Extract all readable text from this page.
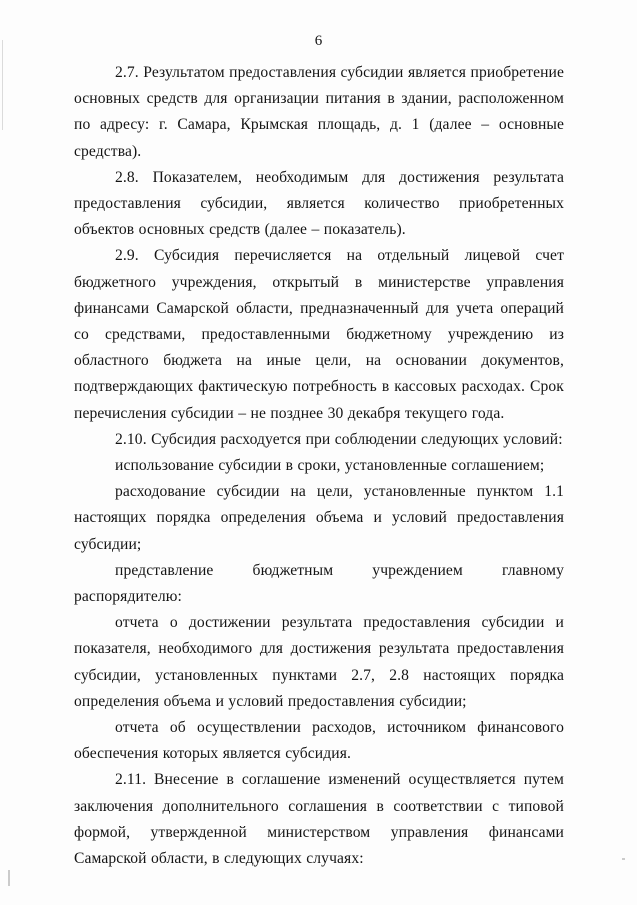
6

2.7. Результатом предоставления субсидии является приобретение основных средств для организации питания в здании, расположенном по адресу: г. Самара, Крымская площадь, д. 1 (далее – основные средства).

2.8. Показателем, необходимым для достижения результата предоставления субсидии, является количество приобретенных объектов основных средств (далее – показатель).

2.9. Субсидия перечисляется на отдельный лицевой счет бюджетного учреждения, открытый в министерстве управления финансами Самарской области, предназначенный для учета операций со средствами, предоставленными бюджетному учреждению из областного бюджета на иные цели, на основании документов, подтверждающих фактическую потребность в кассовых расходах. Срок перечисления субсидии – не позднее 30 декабря текущего года.

2.10. Субсидия расходуется при соблюдении следующих условий:

использование субсидии в сроки, установленные соглашением;

расходование субсидии на цели, установленные пунктом 1.1 настоящих порядка определения объема и условий предоставления субсидии;

представление бюджетным учреждением главному распорядителю:

отчета о достижении результата предоставления субсидии и показателя, необходимого для достижения результата предоставления субсидии, установленных пунктами 2.7, 2.8 настоящих порядка определения объема и условий предоставления субсидии;

отчета об осуществлении расходов, источником финансового обеспечения которых является субсидия.

2.11. Внесение в соглашение изменений осуществляется путем заключения дополнительного соглашения в соответствии с типовой формой, утвержденной министерством управления финансами Самарской области, в следующих случаях:
